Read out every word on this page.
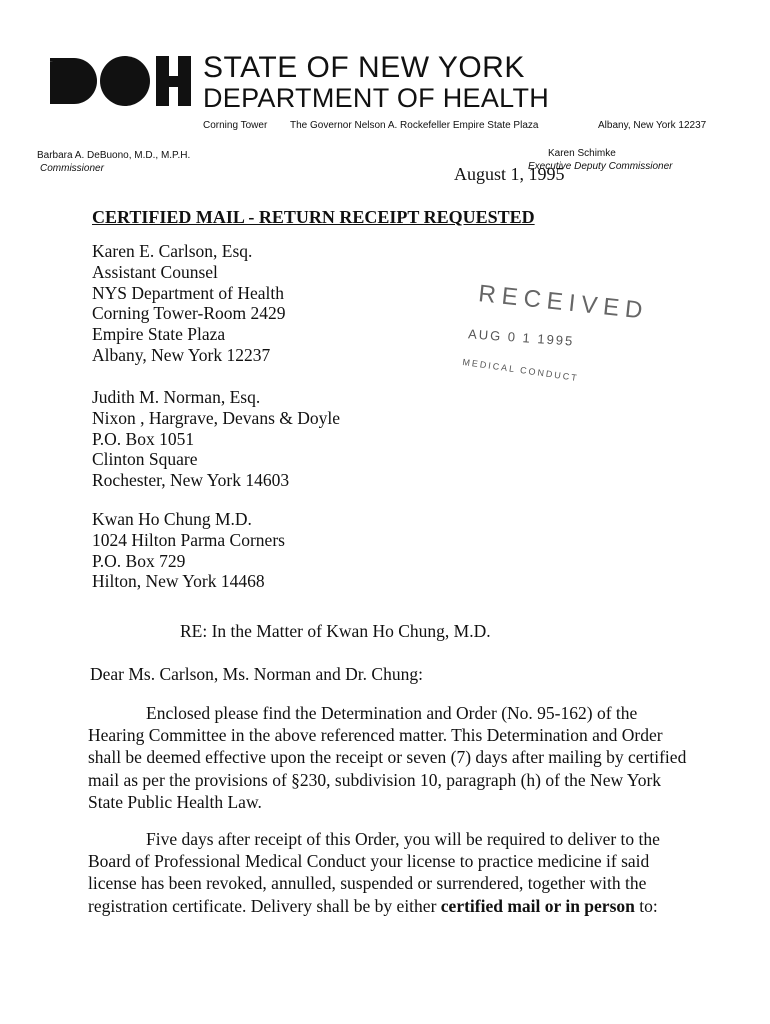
DOH	STATE OF NEW YORK
DEPARTMENT OF HEALTH
Corning Tower The Governor Nelson A. Rockefeller Empire State Plaza	Albany, New York 12237
Barbara A. DeBuono, M.D., M.P.H.
Commissioner
Karen Schimke
Executive Deputy Commissioner
August 1, 1995
CERTIFIED MAIL - RETURN RECEIPT REQUESTED
Karen E. Carlson, Esq.
Assistant Counsel
NYS Department of Health
Corning Tower-Room 2429
Empire State Plaza
Albany, New York 12237
Judith M. Norman, Esq.
Nixon , Hargrave, Devans & Doyle
P.O. Box 1051
Clinton Square
Rochester, New York 14603
Kwan Ho Chung M.D.
1024 Hilton Parma Corners
P.O. Box 729
Hilton, New York 14468
RECEIVED
AUG 0 1 1995
MEDICAL CONDUCT
RE: In the Matter of Kwan Ho Chung, M.D.
Dear Ms. Carlson, Ms. Norman and Dr. Chung:

Enclosed please find the Determination and Order (No. 95-162) of the Hearing Committee in the above referenced matter. This Determination and Order shall be deemed effective upon the receipt or seven (7) days after mailing by certified mail as per the provisions of §230, subdivision 10, paragraph (h) of the New York State Public Health Law.

Five days after receipt of this Order, you will be required to deliver to the Board of Professional Medical Conduct your license to practice medicine if said license has been revoked, annulled, suspended or surrendered, together with the registration certificate. Delivery shall be by either certified mail or in person to:
